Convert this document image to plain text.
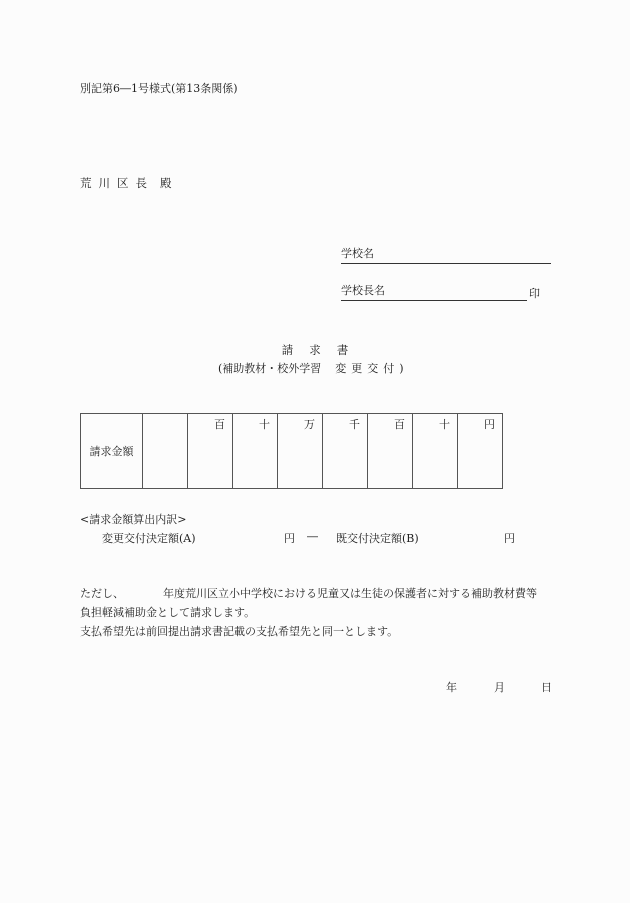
別記第6―1号様式(第13条関係)
荒 川 区 長 殿
学校名
学校長名	印
請 求 書
(補助教材・校外学習 変 更 交 付 )
請求金額		
百	十	万	千	百	十	円
<請求金額算出内訳>
変更交付決定額(A)	円 ― 既交付決定額(B)	円
ただし、	年度荒川区立小中学校における児童又は生徒の保護者に対する補助教材費等
負担軽減補助金として請求します。
支払希望先は前回提出請求書記載の支払希望先と同一とします。
年	月	日
